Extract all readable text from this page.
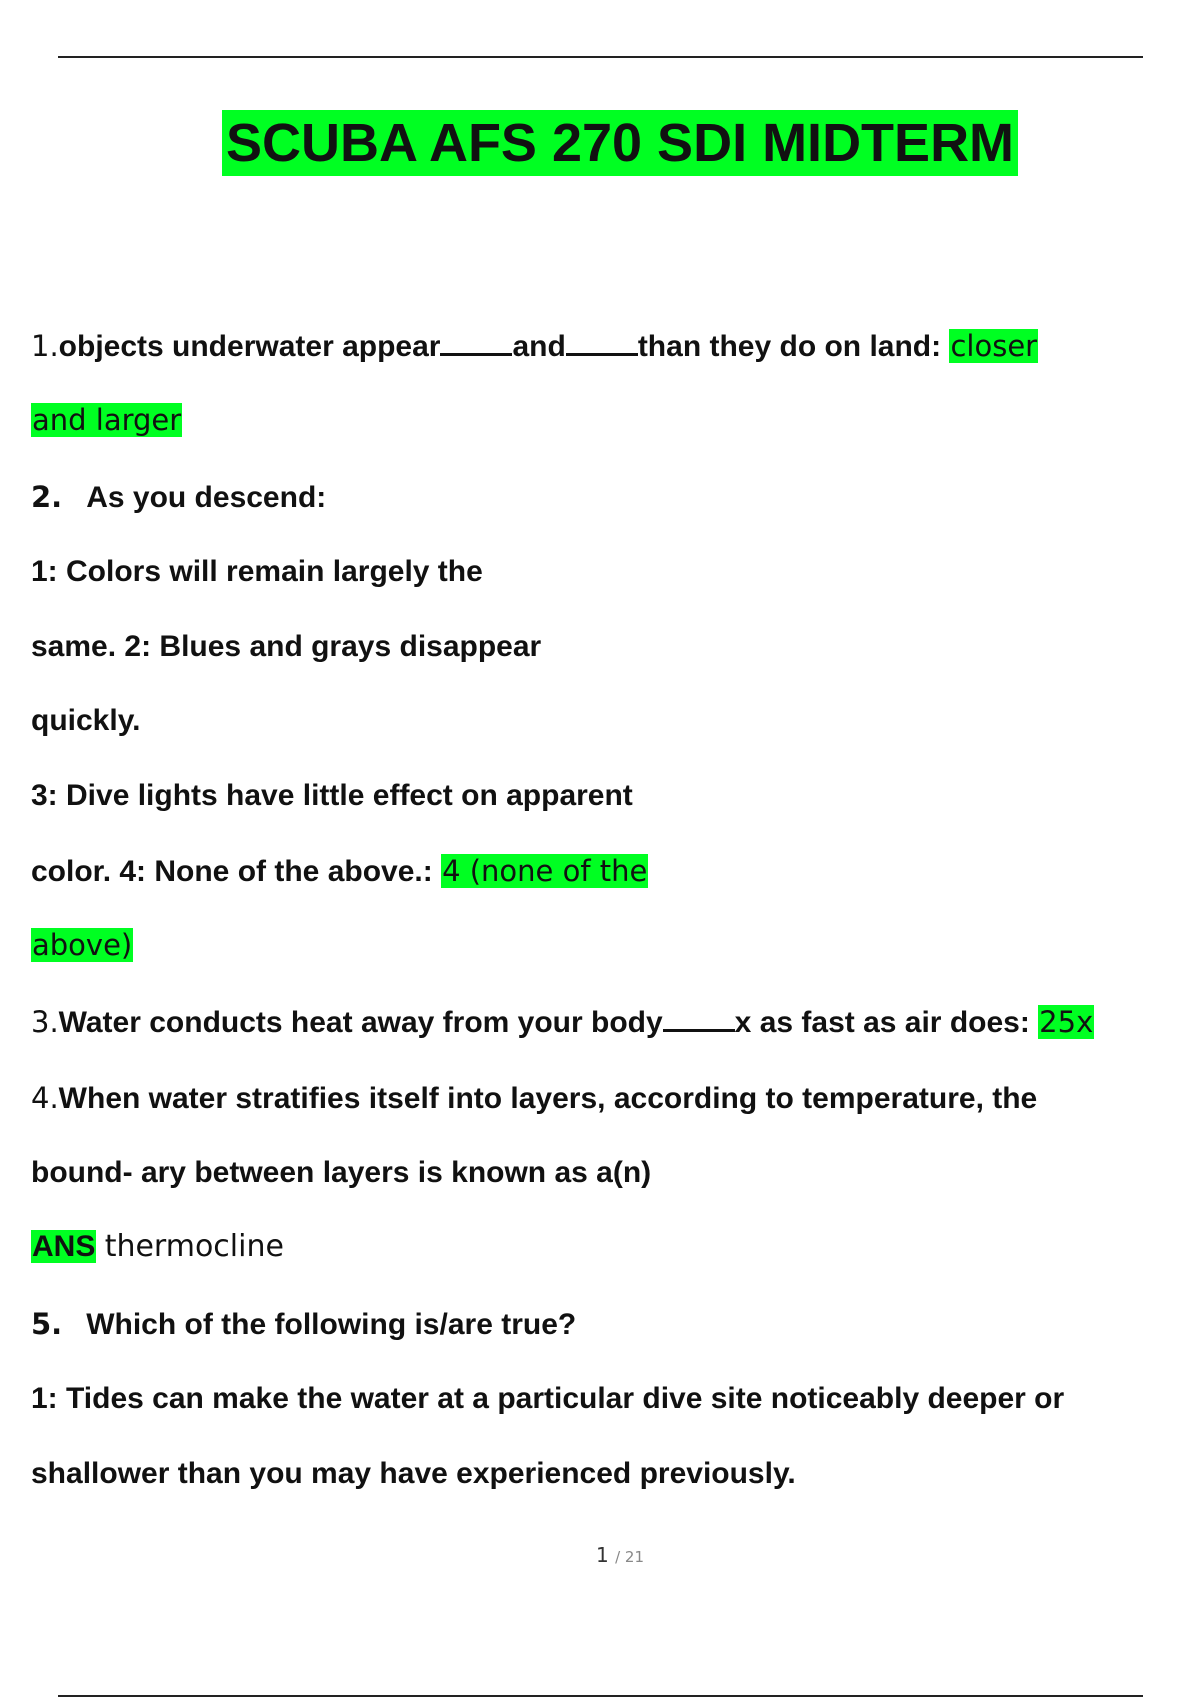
SCUBA AFS 270 SDI MIDTERM
1.objects underwater appear and than they do on land: closer
and larger
2. As you descend:
1: Colors will remain largely the
same. 2: Blues and grays disappear
quickly.
3: Dive lights have little effect on apparent
color. 4: None of the above.: 4 (none of the
above)
3.Water conducts heat away from your body x as fast as air does: 25x
4.When water stratifies itself into layers, according to temperature, the
bound- ary between layers is known as a(n)
ANS thermocline
5. Which of the following is/are true?
1: Tides can make the water at a particular dive site noticeably deeper or
shallower than you may have experienced previously.
1 / 21
